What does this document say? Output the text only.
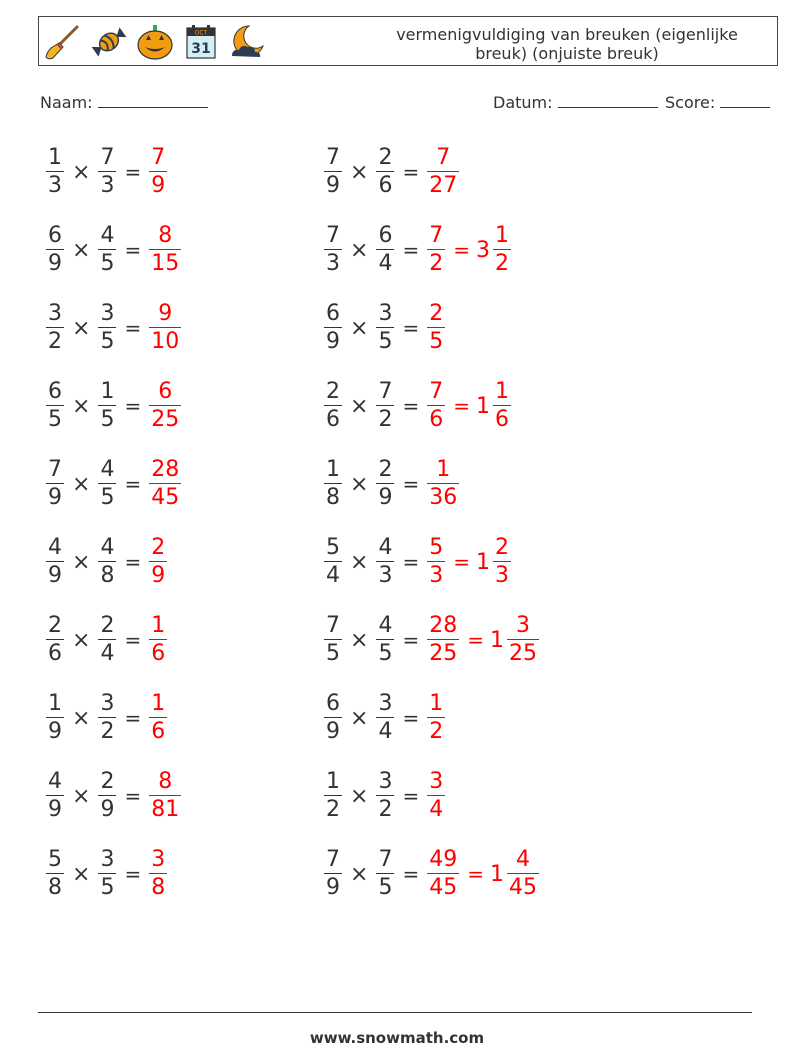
OCT
31
vermenigvuldiging van breuken (eigenlijke breuk) (onjuiste breuk)
Naam:	Datum:	Score:
$\frac{1}{3} \times \frac{7}{3} = \frac{7}{9}$	$\frac{7}{9} \times \frac{2}{6} = \frac{7}{27}$
$\frac{6}{9} \times \frac{4}{5} = \frac{8}{15}$	$\frac{7}{3} \times \frac{6}{4} = \frac{7}{2} = 3 \frac{1}{2}$
$\frac{3}{2} \times \frac{3}{5} = \frac{9}{10}$	$\frac{6}{9} \times \frac{3}{5} = \frac{2}{5}$
$\frac{6}{5} \times \frac{1}{5} = \frac{6}{25}$	$\frac{2}{6} \times \frac{7}{2} = \frac{7}{6} = 1 \frac{1}{6}$
$\frac{7}{9} \times \frac{4}{5} = \frac{28}{45}$	$\frac{1}{8} \times \frac{2}{9} = \frac{1}{36}$
$\frac{4}{9} \times \frac{4}{8} = \frac{2}{9}$	$\frac{5}{4} \times \frac{4}{3} = \frac{5}{3} = 1 \frac{2}{3}$
$\frac{2}{6} \times \frac{2}{4} = \frac{1}{6}$	$\frac{7}{5} \times \frac{4}{5} = \frac{28}{25} = 1 \frac{3}{25}$
$\frac{1}{9} \times \frac{3}{2} = \frac{1}{6}$	$\frac{6}{9} \times \frac{3}{4} = \frac{1}{2}$
$\frac{4}{9} \times \frac{2}{9} = \frac{8}{81}$	$\frac{1}{2} \times \frac{3}{2} = \frac{3}{4}$
$\frac{5}{8} \times \frac{3}{5} = \frac{3}{8}$	$\frac{7}{9} \times \frac{7}{5} = \frac{49}{45} = 1 \frac{4}{45}$
www.snowmath.com
